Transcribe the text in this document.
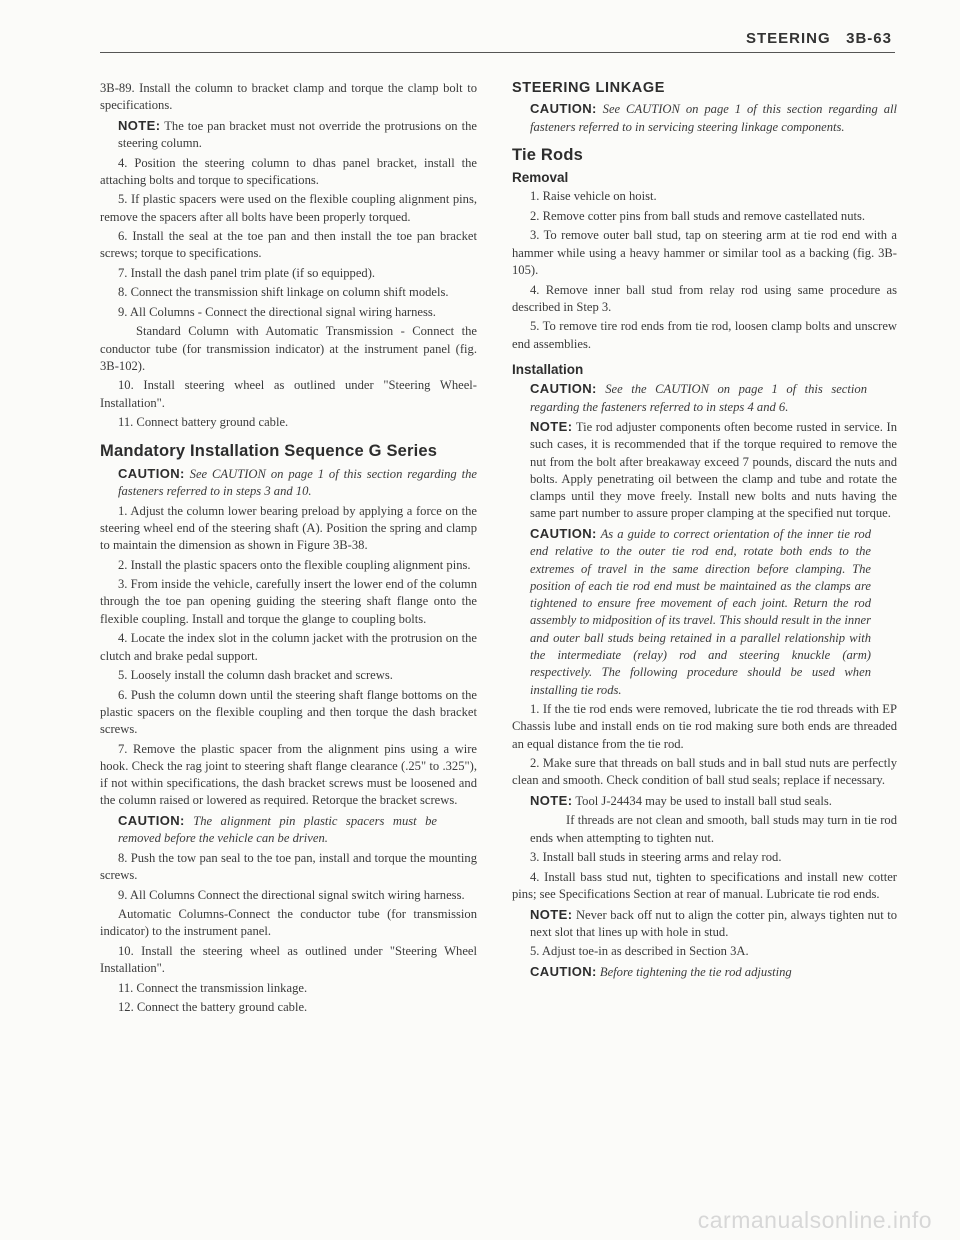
STEERING   3B-63

3B-89. Install the column to bracket clamp and torque the clamp bolt to specifications.

NOTE: The toe pan bracket must not override the protrusions on the steering column.

4. Position the steering column to dhas panel bracket, install the attaching bolts and torque to specifications.

5. If plastic spacers were used on the flexible coupling alignment pins, remove the spacers after all bolts have been properly torqued.

6. Install the seal at the toe pan and then install the toe pan bracket screws; torque to specifications.

7. Install the dash panel trim plate (if so equipped).

8. Connect the transmission shift linkage on column shift models.

9. All Columns - Connect the directional signal wiring harness.

Standard Column with Automatic Transmission - Connect the conductor tube (for transmission indicator) at the instrument panel (fig. 3B-102).

10. Install steering wheel as outlined under "Steering Wheel-Installation".

11. Connect battery ground cable.

Mandatory Installation Sequence G Series

CAUTION: See CAUTION on page 1 of this section regarding the fasteners referred to in steps 3 and 10.

1. Adjust the column lower bearing preload by applying a force on the steering wheel end of the steering shaft (A). Position the spring and clamp to maintain the dimension as shown in Figure 3B-38.

2. Install the plastic spacers onto the flexible coupling alignment pins.

3. From inside the vehicle, carefully insert the lower end of the column through the toe pan opening guiding the steering shaft flange onto the flexible coupling. Install and torque the glange to coupling bolts.

4. Locate the index slot in the column jacket with the protrusion on the clutch and brake pedal support.

5. Loosely install the column dash bracket and screws.

6. Push the column down until the steering shaft flange bottoms on the plastic spacers on the flexible coupling and then torque the dash bracket screws.

7. Remove the plastic spacer from the alignment pins using a wire hook. Check the rag joint to steering shaft flange clearance (.25" to .325"), if not within specifications, the dash bracket screws must be loosened and the column raised or lowered as required. Retorque the bracket screws.

CAUTION: The alignment pin plastic spacers must be removed before the vehicle can be driven.

8. Push the tow pan seal to the toe pan, install and torque the mounting screws.

9. All Columns Connect the directional signal switch wiring harness.

Automatic Columns-Connect the conductor tube (for transmission indicator) to the instrument panel.

10. Install the steering wheel as outlined under "Steering Wheel Installation".

11. Connect the transmission linkage.

12. Connect the battery ground cable.

STEERING LINKAGE

CAUTION: See CAUTION on page 1 of this section regarding all fasteners referred to in servicing steering linkage components.

Tie Rods
Removal

1. Raise vehicle on hoist.

2. Remove cotter pins from ball studs and remove castellated nuts.

3. To remove outer ball stud, tap on steering arm at tie rod end with a hammer while using a heavy hammer or similar tool as a backing (fig. 3B-105).

4. Remove inner ball stud from relay rod using same procedure as described in Step 3.

5. To remove tire rod ends from tie rod, loosen clamp bolts and unscrew end assemblies.

Installation

CAUTION: See the CAUTION on page 1 of this section regarding the fasteners referred to in steps 4 and 6.

NOTE: Tie rod adjuster components often become rusted in service. In such cases, it is recommended that if the torque required to remove the nut from the bolt after breakaway exceed 7 pounds, discard the nuts and bolts. Apply penetrating oil between the clamp and tube and rotate the clamps until they move freely. Install new bolts and nuts having the same part number to assure proper clamping at the specified nut torque.

CAUTION: As a guide to correct orientation of the inner tie rod end relative to the outer tie rod end, rotate both ends to the extremes of travel in the same direction before clamping. The position of each tie rod end must be maintained as the clamps are tightened to ensure free movement of each joint. Return the rod assembly to midposition of its travel. This should result in the inner and outer ball studs being retained in a parallel relationship with the intermediate (relay) rod and steering knuckle (arm) respectively. The following procedure should be used when installing tie rods.

1. If the tie rod ends were removed, lubricate the tie rod threads with EP Chassis lube and install ends on tie rod making sure both ends are threaded an equal distance from the tie rod.

2. Make sure that threads on ball studs and in ball stud nuts are perfectly clean and smooth. Check condition of ball stud seals; replace if necessary.

NOTE: Tool J-24434 may be used to install ball stud seals.

If threads are not clean and smooth, ball studs may turn in tie rod ends when attempting to tighten nut.

3. Install ball studs in steering arms and relay rod.

4. Install bass stud nut, tighten to specifications and install new cotter pins; see Specifications Section at rear of manual. Lubricate tie rod ends.

NOTE: Never back off nut to align the cotter pin, always tighten nut to next slot that lines up with hole in stud.

5. Adjust toe-in as described in Section 3A.

CAUTION: Before tightening the tie rod adjusting

carmanualsonline.info
